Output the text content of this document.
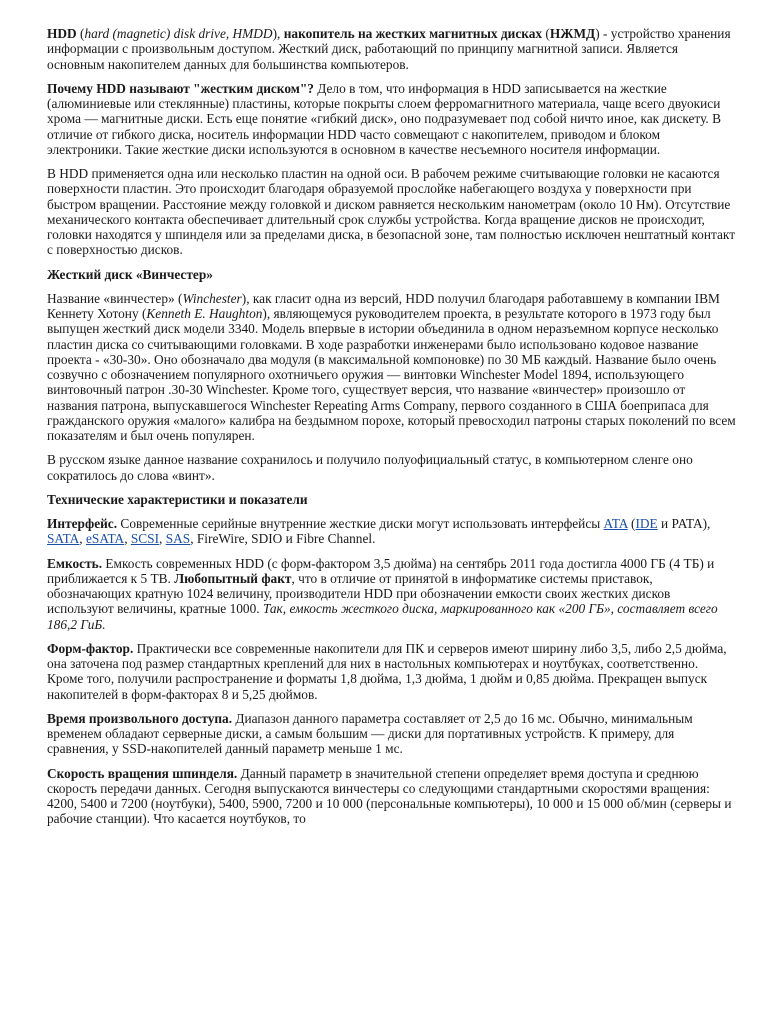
HDD (hard (magnetic) disk drive, HMDD), накопитель на жестких магнитных дисках (НЖМД) - устройство хранения информации с произвольным доступом. Жесткий диск, работающий по принципу магнитной записи. Является основным накопителем данных для большинства компьютеров.

Почему HDD называют "жестким диском"? Дело в том, что информация в HDD записывается на жесткие (алюминиевые или стеклянные) пластины, которые покрыты слоем ферромагнитного материала, чаще всего двуокиси хрома — магнитные диски. Есть еще понятие «гибкий диск», оно подразумевает под собой ничто иное, как дискету. В отличие от гибкого диска, носитель информации HDD часто совмещают с накопителем, приводом и блоком электроники. Такие жесткие диски используются в основном в качестве несъемного носителя информации.

В HDD применяется одна или несколько пластин на одной оси. В рабочем режиме считывающие головки не касаются поверхности пластин. Это происходит благодаря образуемой прослойке набегающего воздуха у поверхности при быстром вращении. Расстояние между головкой и диском равняется нескольким нанометрам (около 10 Нм). Отсутствие механического контакта обеспечивает длительный срок службы устройства. Когда вращение дисков не происходит, головки находятся у шпинделя или за пределами диска, в безопасной зоне, там полностью исключен нештатный контакт с поверхностью дисков.

Жесткий диск «Винчестер»

Название «винчестер» (Winchester), как гласит одна из версий, HDD получил благодаря работавшему в компании IBM Кеннету Хотону (Kenneth E. Haughton), являющемуся руководителем проекта, в результате которого в 1973 году был выпущен жесткий диск модели 3340. Модель впервые в истории объединила в одном неразъемном корпусе несколько пластин диска со считывающими головками. В ходе разработки инженерами было использовано кодовое название проекта - «30-30». Оно обозначало два модуля (в максимальной компоновке) по 30 МБ каждый. Название было очень созвучно с обозначением популярного охотничьего оружия — винтовки Winchester Model 1894, использующего винтовочный патрон .30-30 Winchester. Кроме того, существует версия, что название «винчестер» произошло от названия патрона, выпускавшегося Winchester Repeating Arms Company, первого созданного в США боеприпаса для гражданского оружия «малого» калибра на бездымном порохе, который превосходил патроны старых поколений по всем показателям и был очень популярен.

В русском языке данное название сохранилось и получило полуофициальный статус, в компьютерном сленге оно сократилось до слова «винт».

Технические характеристики и показатели

Интерфейс. Современные серийные внутренние жесткие диски могут использовать интерфейсы ATA (IDE и PATA), SATA, eSATA, SCSI, SAS, FireWire, SDIO и Fibre Channel.

Емкость. Емкость современных HDD (с форм-фактором 3,5 дюйма) на сентябрь 2011 года достигла 4000 ГБ (4 ТБ) и приближается к 5 ТВ. Любопытный факт, что в отличие от принятой в информатике системы приставок, обозначающих кратную 1024 величину, производители HDD при обозначении емкости своих жестких дисков используют величины, кратные 1000. Так, емкость жесткого диска, маркированного как «200 ГБ», составляет всего 186,2 ГиБ.

Форм-фактор. Практически все современные накопители для ПК и серверов имеют ширину либо 3,5, либо 2,5 дюйма, она заточена под размер стандартных креплений для них в настольных компьютерах и ноутбуках, соответственно. Кроме того, получили распространение и форматы 1,8 дюйма, 1,3 дюйма, 1 дюйм и 0,85 дюйма. Прекращен выпуск накопителей в форм-факторах 8 и 5,25 дюймов.

Время произвольного доступа. Диапазон данного параметра составляет от 2,5 до 16 мс. Обычно, минимальным временем обладают серверные диски, а самым большим — диски для портативных устройств. К примеру, для сравнения, у SSD-накопителей данный параметр меньше 1 мс.

Скорость вращения шпинделя. Данный параметр в значительной степени определяет время доступа и среднюю скорость передачи данных. Сегодня выпускаются винчестеры со следующими стандартными скоростями вращения: 4200, 5400 и 7200 (ноутбуки), 5400, 5900, 7200 и 10 000 (персональные компьютеры), 10 000 и 15 000 об/мин (серверы и рабочие станции). Что касается ноутбуков, то
